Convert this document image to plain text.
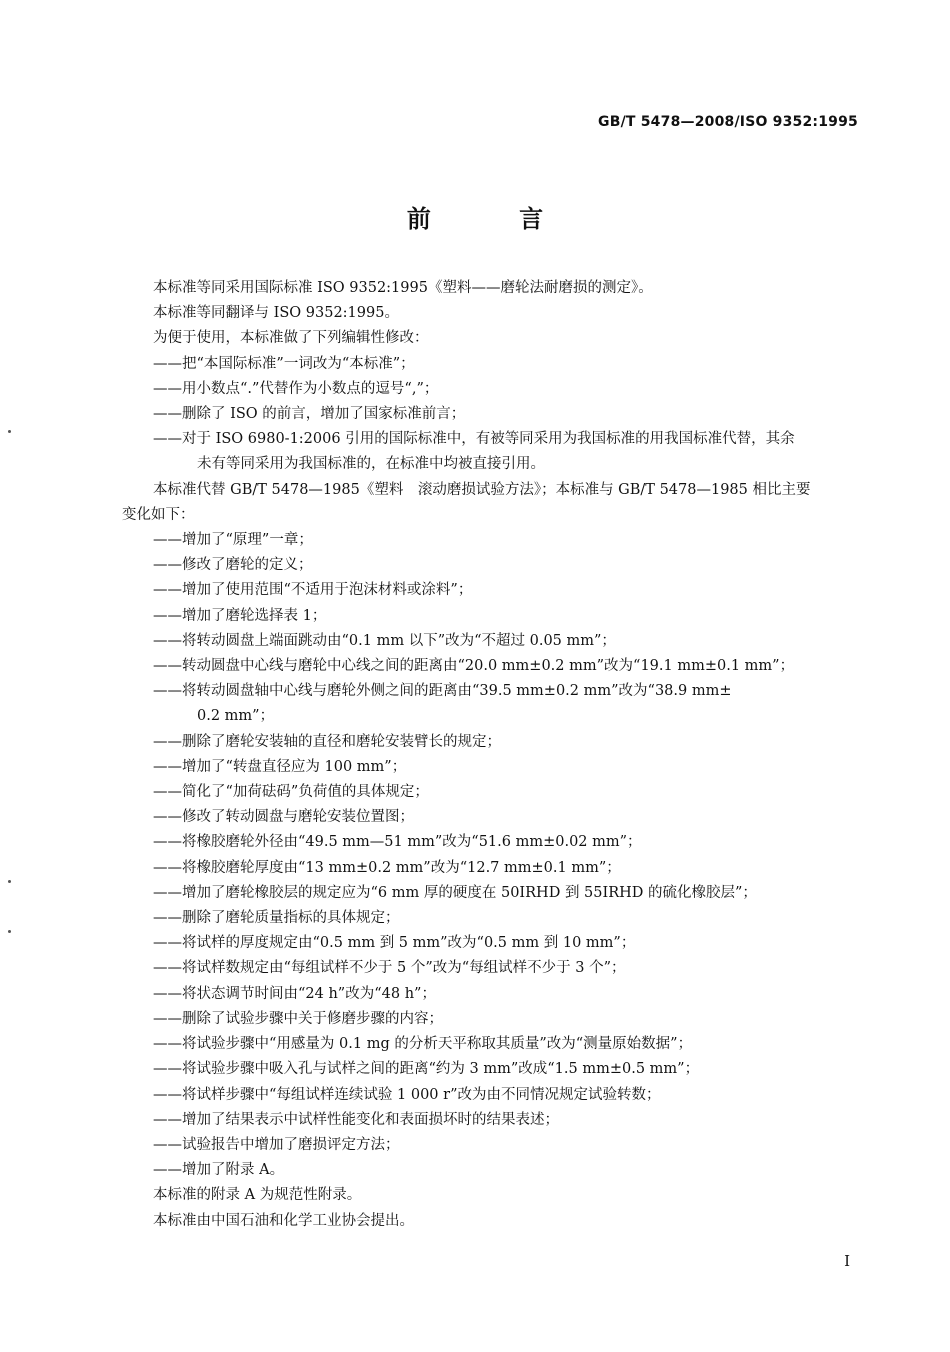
GB/T 5478—2008/ISO 9352:1995
前 言

本标准等同采用国际标准 ISO 9352:1995《塑料——磨轮法耐磨损的测定》。

本标准等同翻译与 ISO 9352:1995。

为便于使用，本标准做了下列编辑性修改：

——把“本国际标准”一词改为“本标准”；

——用小数点“.”代替作为小数点的逗号“,”；

——删除了 ISO 的前言，增加了国家标准前言；

——对于 ISO 6980-1:2006 引用的国际标准中，有被等同采用为我国标准的用我国标准代替，其余

未有等同采用为我国标准的，在标准中均被直接引用。

本标准代替 GB/T 5478—1985《塑料　滚动磨损试验方法》；本标准与 GB/T 5478—1985 相比主要

变化如下：

——增加了“原理”一章；

——修改了磨轮的定义；

——增加了使用范围“不适用于泡沫材料或涂料”；

——增加了磨轮选择表 1；

——将转动圆盘上端面跳动由“0.1 mm 以下”改为“不超过 0.05 mm”；

——转动圆盘中心线与磨轮中心线之间的距离由“20.0 mm±0.2 mm”改为“19.1 mm±0.1 mm”；

——将转动圆盘轴中心线与磨轮外侧之间的距离由“39.5 mm±0.2 mm”改为“38.9 mm±

0.2 mm”；

——删除了磨轮安装轴的直径和磨轮安装臂长的规定；

——增加了“转盘直径应为 100 mm”；

——简化了“加荷砝码”负荷值的具体规定；

——修改了转动圆盘与磨轮安装位置图；

——将橡胶磨轮外径由“49.5 mm—51 mm”改为“51.6 mm±0.02 mm”；

——将橡胶磨轮厚度由“13 mm±0.2 mm”改为“12.7 mm±0.1 mm”；

——增加了磨轮橡胶层的规定应为“6 mm 厚的硬度在 50IRHD 到 55IRHD 的硫化橡胶层”；

——删除了磨轮质量指标的具体规定；

——将试样的厚度规定由“0.5 mm 到 5 mm”改为“0.5 mm 到 10 mm”；

——将试样数规定由“每组试样不少于 5 个”改为“每组试样不少于 3 个”；

——将状态调节时间由“24 h”改为“48 h”；

——删除了试验步骤中关于修磨步骤的内容；

——将试验步骤中“用感量为 0.1 mg 的分析天平称取其质量”改为“测量原始数据”；

——将试验步骤中吸入孔与试样之间的距离“约为 3 mm”改成“1.5 mm±0.5 mm”；

——将试样步骤中“每组试样连续试验 1 000 r”改为由不同情况规定试验转数；

——增加了结果表示中试样性能变化和表面损坏时的结果表述；

——试验报告中增加了磨损评定方法；

——增加了附录 A。

本标准的附录 A 为规范性附录。

本标准由中国石油和化学工业协会提出。

I
